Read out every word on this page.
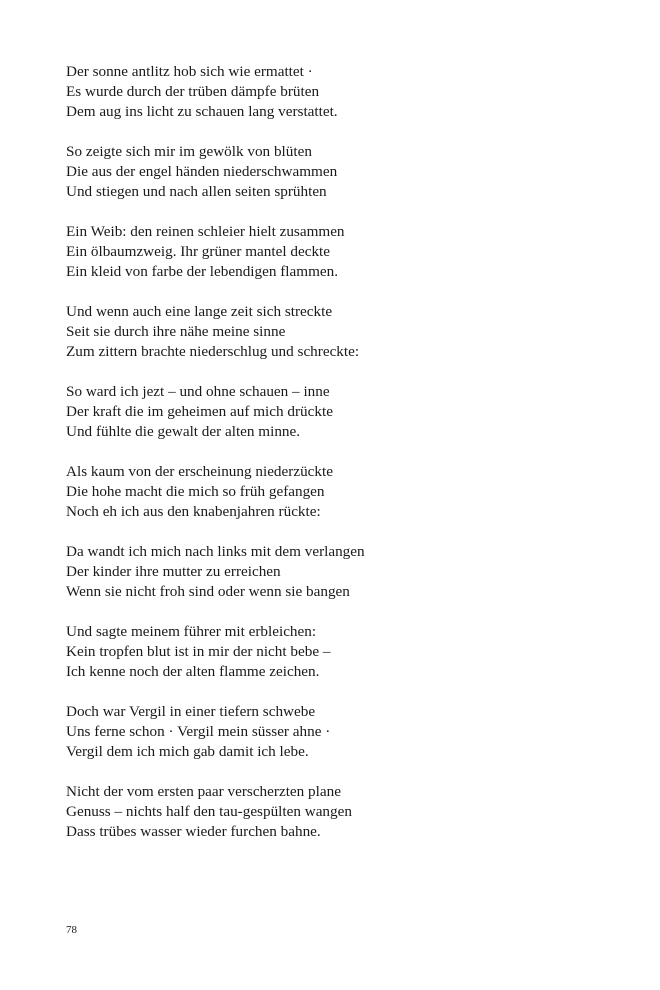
Der sonne antlitz hob sich wie ermattet ·
Es wurde durch der trüben dämpfe brüten
Dem aug ins licht zu schauen lang verstattet.
So zeigte sich mir im gewölk von blüten
Die aus der engel händen niederschwammen
Und stiegen und nach allen seiten sprühten
Ein Weib: den reinen schleier hielt zusammen
Ein ölbaumzweig. Ihr grüner mantel deckte
Ein kleid von farbe der lebendigen flammen.
Und wenn auch eine lange zeit sich streckte
Seit sie durch ihre nähe meine sinne
Zum zittern brachte niederschlug und schreckte:
So ward ich jezt – und ohne schauen – inne
Der kraft die im geheimen auf mich drückte
Und fühlte die gewalt der alten minne.
Als kaum von der erscheinung niederzückte
Die hohe macht die mich so früh gefangen
Noch eh ich aus den knabenjahren rückte:
Da wandt ich mich nach links mit dem verlangen
Der kinder ihre mutter zu erreichen
Wenn sie nicht froh sind oder wenn sie bangen
Und sagte meinem führer mit erbleichen:
Kein tropfen blut ist in mir der nicht bebe –
Ich kenne noch der alten flamme zeichen.
Doch war Vergil in einer tiefern schwebe
Uns ferne schon · Vergil mein süsser ahne ·
Vergil dem ich mich gab damit ich lebe.
Nicht der vom ersten paar verscherzten plane
Genuss – nichts half den tau-gespülten wangen
Dass trübes wasser wieder furchen bahne.
78
